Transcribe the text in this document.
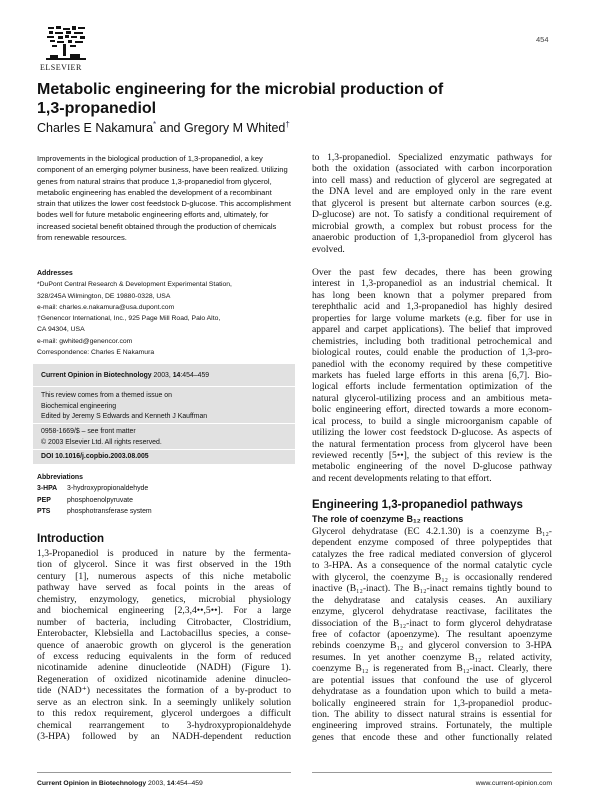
ELSEVIER
454
Metabolic engineering for the microbial production of
1,3-propanediol
Charles E Nakamura* and Gregory M Whited†
Improvements in the biological production of 1,3-propanediol, a key component of an emerging polymer business, have been realized. Utilizing genes from natural strains that produce 1,3-propanediol from glycerol, metabolic engineering has enabled the development of a recombinant strain that utilizes the lower cost feedstock D-glucose. This accomplishment bodes well for future metabolic engineering efforts and, ultimately, for increased societal benefit obtained through the production of chemicals from renewable resources.
Addresses
*DuPont Central Research & Development Experimental Station,
328/245A Wilmington, DE 19880-0328, USA
e-mail: charles.e.nakamura@usa.dupont.com
†Genencor International, Inc., 925 Page Mill Road, Palo Alto,
CA 94304, USA
e-mail: gwhited@genencor.com
Correspondence: Charles E Nakamura
Current Opinion in Biotechnology 2003, 14:454–459
This review comes from a themed issue on
Biochemical engineering
Edited by Jeremy S Edwards and Kenneth J Kauffman
0958-1669/$ – see front matter
© 2003 Elsevier Ltd. All rights reserved.
DOI 10.1016/j.copbio.2003.08.005
Abbreviations
3-HPA 3-hydroxypropionaldehyde
PEP phosphoenolpyruvate
PTS phosphotransferase system
Introduction
1,3-Propanediol is produced in nature by the fermenta-
tion of glycerol. Since it was first observed in the 19th
century [1], numerous aspects of this niche metabolic
pathway have served as focal points in the areas of
chemistry, enzymology, genetics, microbial physiology
and biochemical engineering [2,3,4••,5••]. For a large
number of bacteria, including Citrobacter, Clostridium,
Enterobacter, Klebsiella and Lactobacillus species, a conse-
quence of anaerobic growth on glycerol is the generation
of excess reducing equivalents in the form of reduced
nicotinamide adenine dinucleotide (NADH) (Figure 1).
Regeneration of oxidized nicotinamide adenine dinucleo-
tide (NAD⁺) necessitates the formation of a by-product to
serve as an electron sink. In a seemingly unlikely solution
to this redox requirement, glycerol undergoes a difficult
chemical rearrangement to 3-hydroxypropionaldehyde
(3-HPA) followed by an NADH-dependent reduction
to 1,3-propanediol. Specialized enzymatic pathways for
both the oxidation (associated with carbon incorporation
into cell mass) and reduction of glycerol are segregated at
the DNA level and are employed only in the rare event
that glycerol is present but alternate carbon sources (e.g.
D-glucose) are not. To satisfy a conditional requirement of
microbial growth, a complex but robust process for the
anaerobic production of 1,3-propanediol from glycerol has
evolved.
Over the past few decades, there has been growing
interest in 1,3-propanediol as an industrial chemical. It
has long been known that a polymer prepared from
terephthalic acid and 1,3-propanediol has highly desired
properties for large volume markets (e.g. fiber for use in
apparel and carpet applications). The belief that improved
chemistries, including both traditional petrochemical and
biological routes, could enable the production of 1,3-pro-
panediol with the economy required by these competitive
markets has fueled large efforts in this arena [6,7]. Bio-
logical efforts include fermentation optimization of the
natural glycerol-utilizing process and an ambitious meta-
bolic engineering effort, directed towards a more econom-
ical process, to build a single microorganism capable of
utilizing the lower cost feedstock D-glucose. As aspects of
the natural fermentation process from glycerol have been
reviewed recently [5••], the subject of this review is the
metabolic engineering of the novel D-glucose pathway
and recent developments relating to that effort.
Engineering 1,3-propanediol pathways
The role of coenzyme B₁₂ reactions
Glycerol dehydratase (EC 4.2.1.30) is a coenzyme B₁₂-
dependent enzyme composed of three polypeptides that
catalyzes the free radical mediated conversion of glycerol
to 3-HPA. As a consequence of the normal catalytic cycle
with glycerol, the coenzyme B₁₂ is occasionally rendered
inactive (B₁₂-inact). The B₁₂-inact remains tightly bound to
the dehydratase and catalysis ceases. An auxiliary
enzyme, glycerol dehydratase reactivase, facilitates the
dissociation of the B₁₂-inact to form glycerol dehydratase
free of cofactor (apoenzyme). The resultant apoenzyme
rebinds coenzyme B₁₂ and glycerol conversion to 3-HPA
resumes. In yet another coenzyme B₁₂ related activity,
coenzyme B₁₂ is regenerated from B₁₂-inact. Clearly, there
are potential issues that confound the use of glycerol
dehydratase as a foundation upon which to build a meta-
bolically engineered strain for 1,3-propanediol produc-
tion. The ability to dissect natural strains is essential for
engineering improved strains. Fortunately, the multiple
genes that encode these and other functionally related
Current Opinion in Biotechnology 2003, 14:454–459	www.current-opinion.com
